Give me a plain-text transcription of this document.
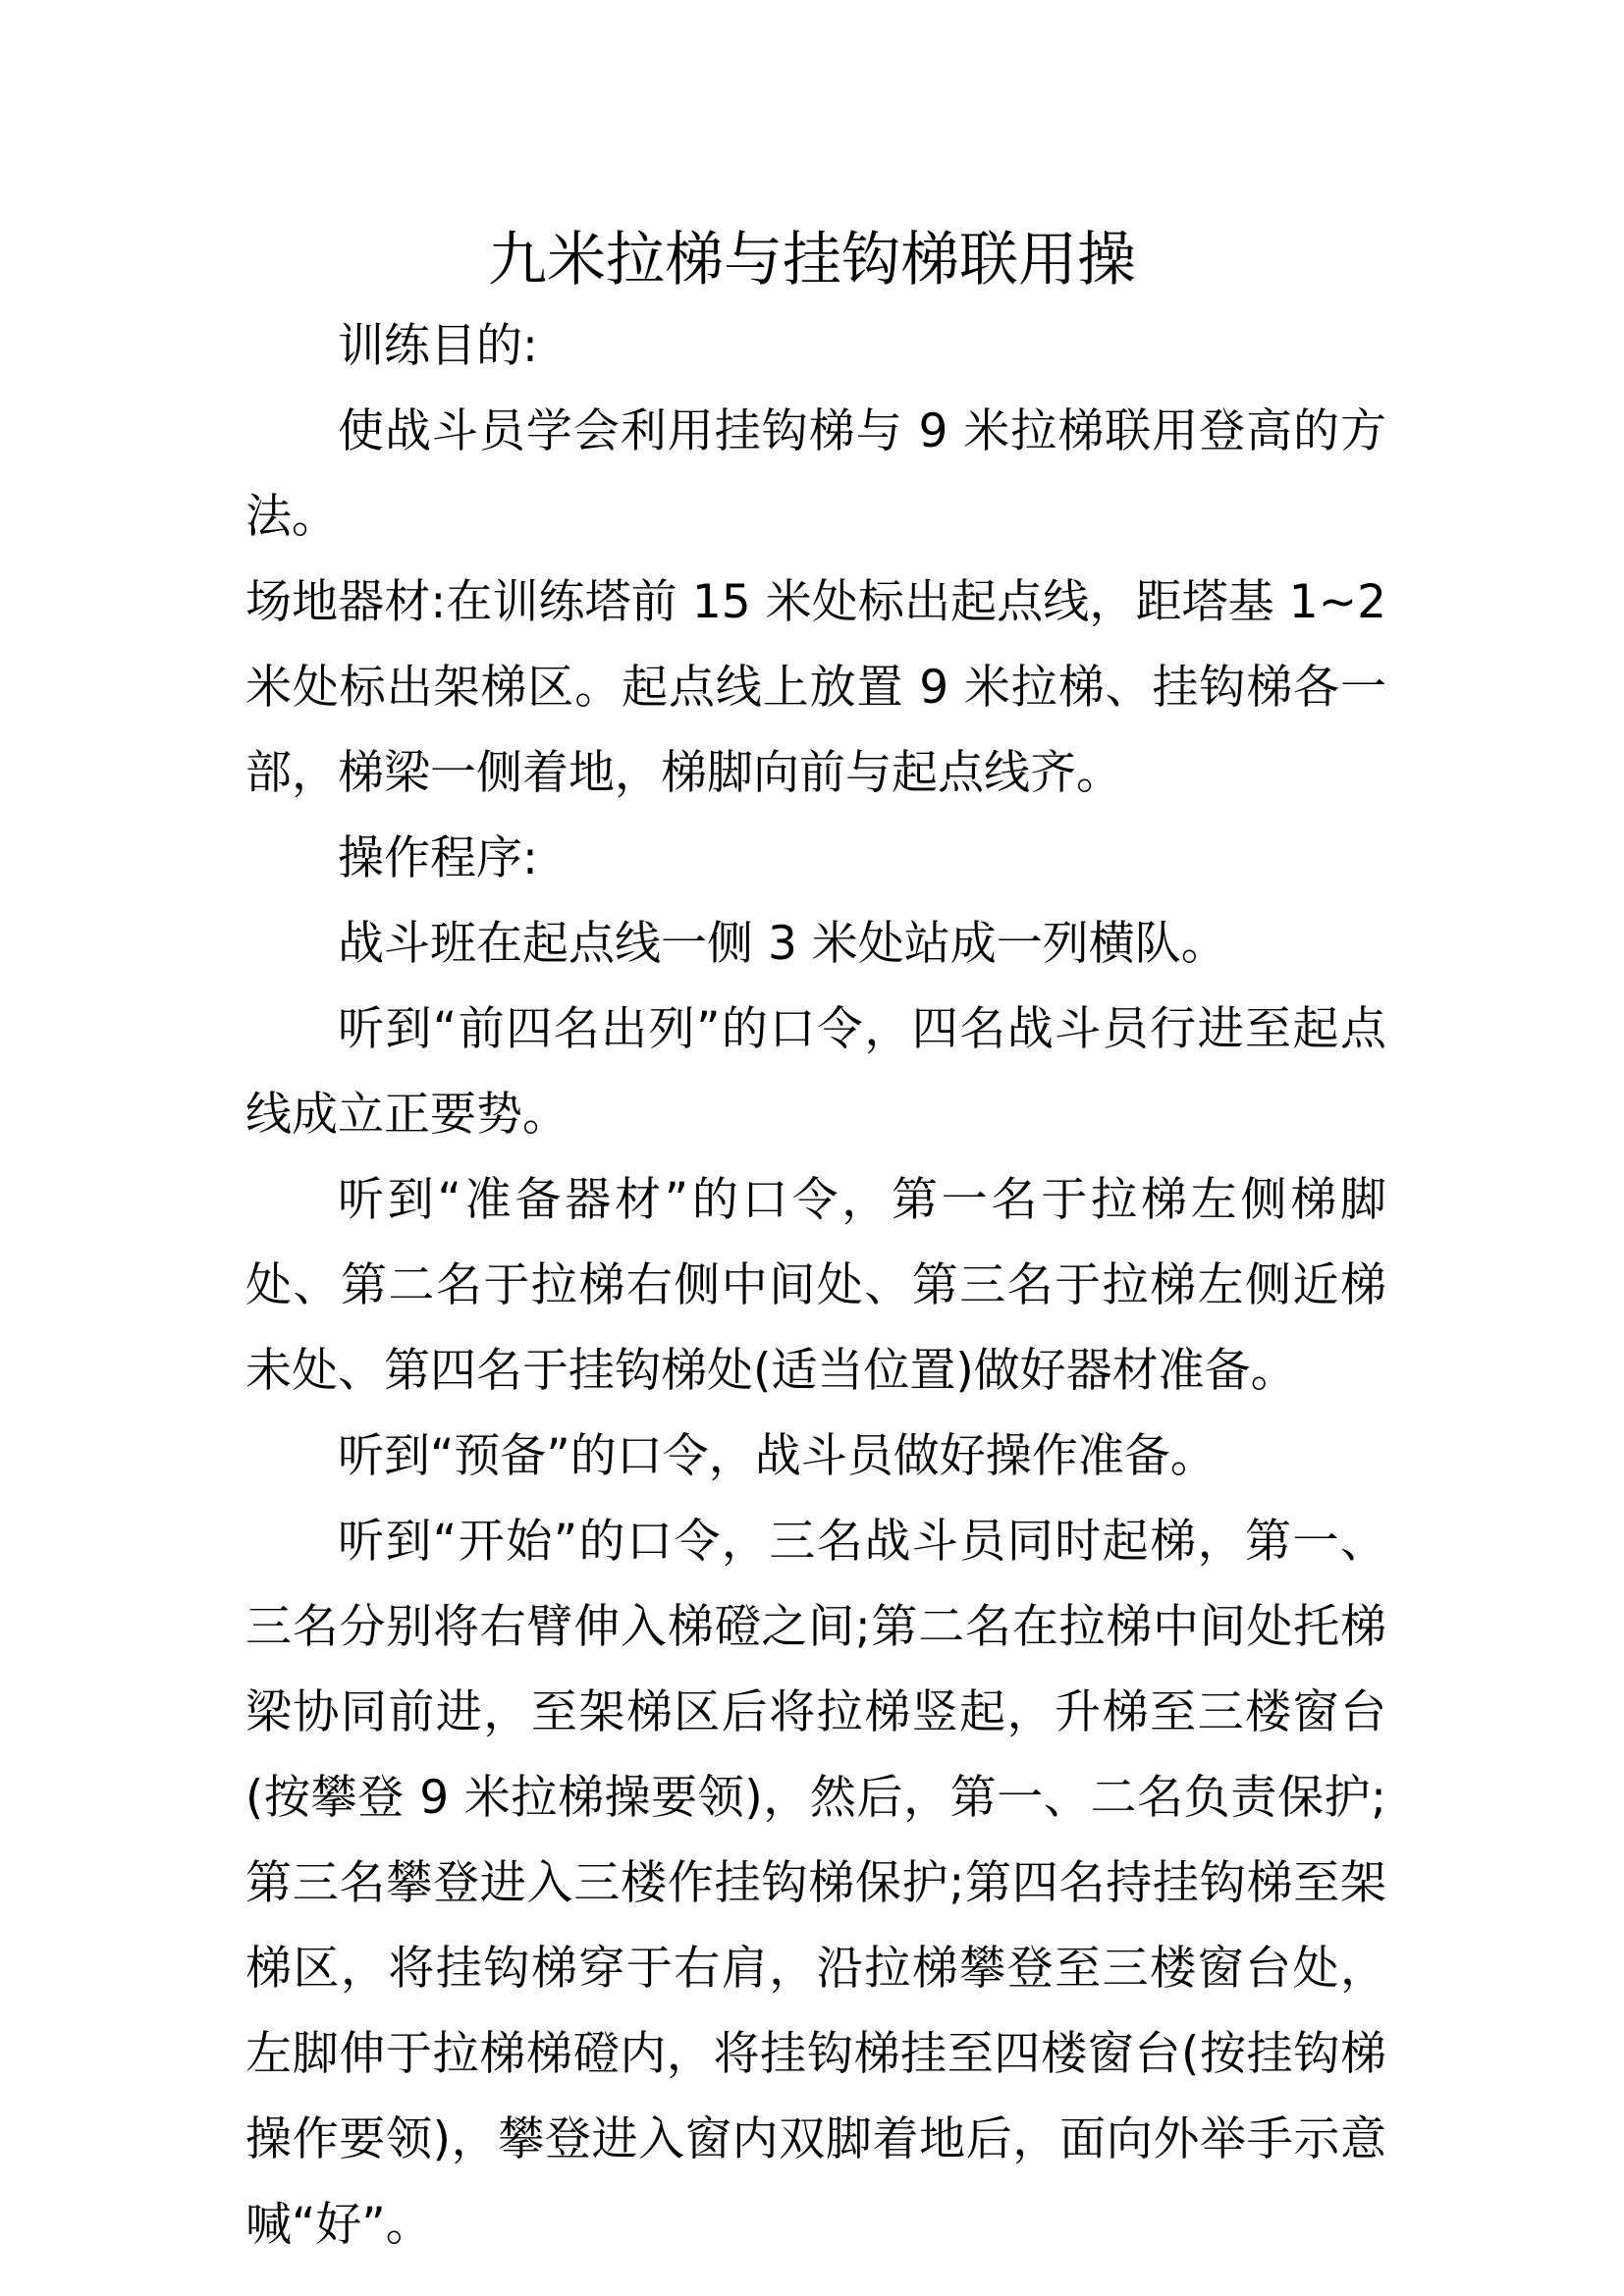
九米拉梯与挂钩梯联用操

训练目的:

使战斗员学会利用挂钩梯与 9 米拉梯联用登高的方法。

场地器材:在训练塔前 15 米处标出起点线，距塔基 1~2 米处标出架梯区。起点线上放置 9 米拉梯、挂钩梯各一部，梯梁一侧着地，梯脚向前与起点线齐。

操作程序:

战斗班在起点线一侧 3 米处站成一列横队。

听到“前四名出列”的口令，四名战斗员行进至起点线成立正要势。

听到“准备器材”的口令，第一名于拉梯左侧梯脚处、第二名于拉梯右侧中间处、第三名于拉梯左侧近梯未处、第四名于挂钩梯处(适当位置)做好器材准备。

听到“预备”的口令，战斗员做好操作准备。

听到“开始”的口令，三名战斗员同时起梯，第一、三名分别将右臂伸入梯磴之间;第二名在拉梯中间处托梯梁协同前进，至架梯区后将拉梯竖起，升梯至三楼窗台(按攀登 9 米拉梯操要领)，然后，第一、二名负责保护;第三名攀登进入三楼作挂钩梯保护;第四名持挂钩梯至架梯区，将挂钩梯穿于右肩，沿拉梯攀登至三楼窗台处，左脚伸于拉梯梯磴内，将挂钩梯挂至四楼窗台(按挂钩梯操作要领)，攀登进入窗内双脚着地后，面向外举手示意喊“好”。
